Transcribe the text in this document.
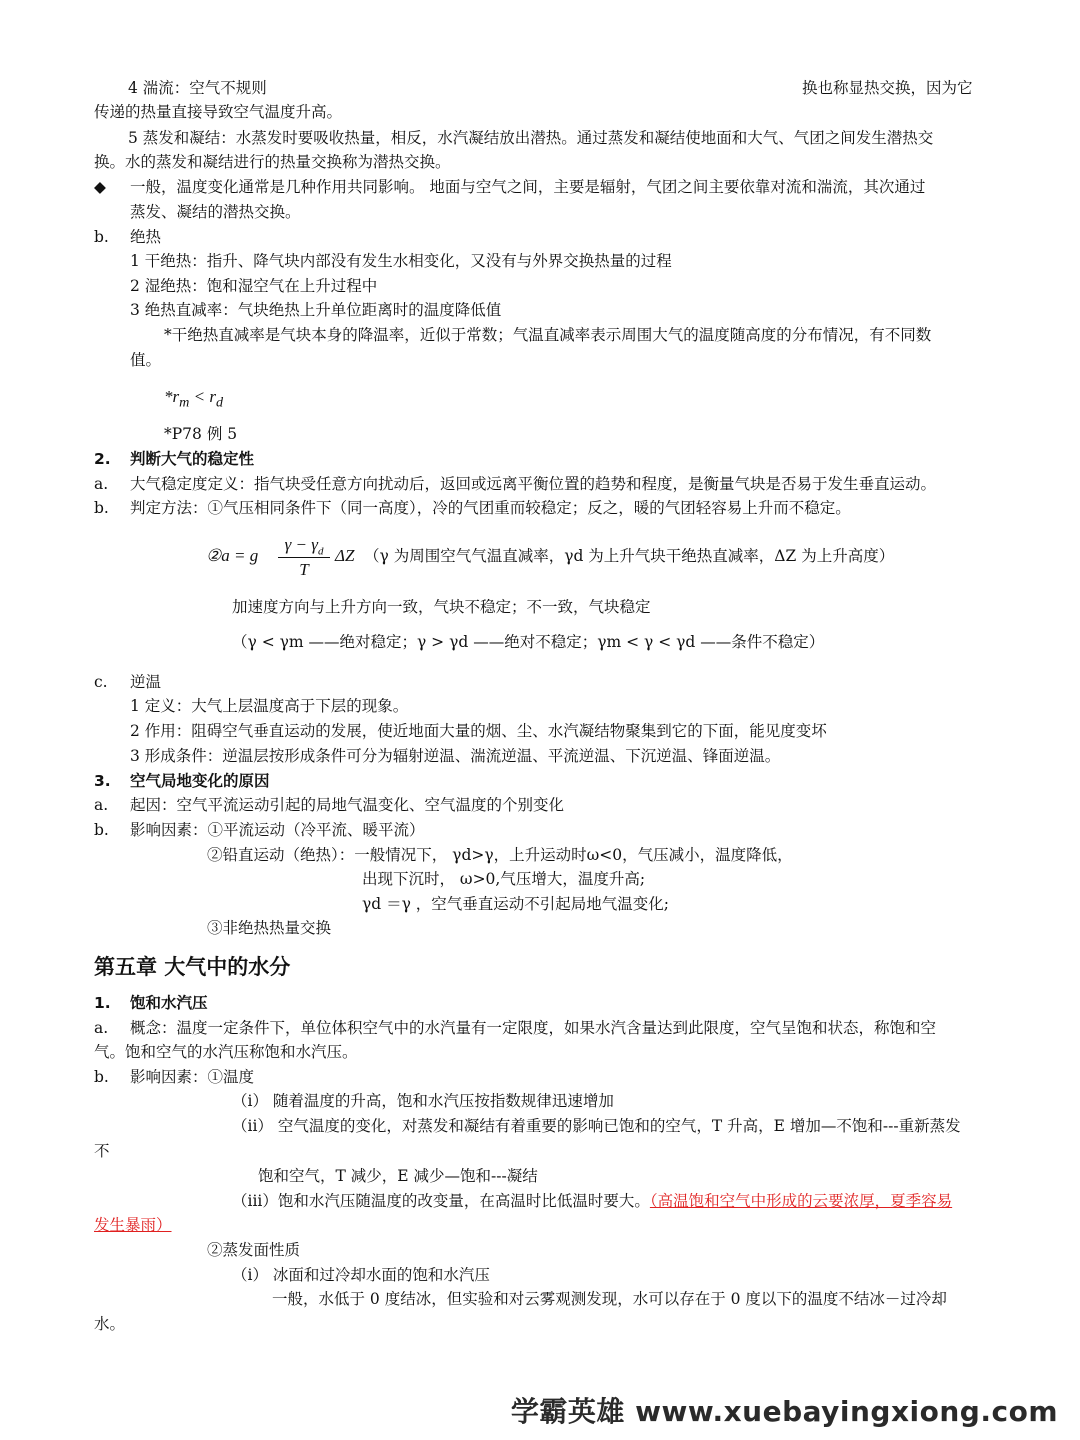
4 湍流：空气不规则	换也称显热交换，因为它
传递的热量直接导致空气温度升高。
5 蒸发和凝结：水蒸发时要吸收热量，相反，水汽凝结放出潜热。通过蒸发和凝结使地面和大气、气团之间发生潜热交
换。水的蒸发和凝结进行的热量交换称为潜热交换。
◆ 一般，温度变化通常是几种作用共同影响。 地面与空气之间，主要是辐射，气团之间主要依靠对流和湍流，其次通过
蒸发、凝结的潜热交换。
b. 绝热
1 干绝热：指升、降气块内部没有发生水相变化，又没有与外界交换热量的过程
2 湿绝热：饱和湿空气在上升过程中
3 绝热直减率：气块绝热上升单位距离时的温度降低值
*干绝热直减率是气块本身的降温率，近似于常数；气温直减率表示周围大气的温度随高度的分布情况，有不同数
值。
$*r_m < r_d$
*P78 例 5
2. 判断大气的稳定性
a. 大气稳定度定义：指气块受任意方向扰动后，返回或远离平衡位置的趋势和程度，是衡量气块是否易于发生垂直运动。
b. 判定方法：①气压相同条件下（同一高度），冷的气团重而较稳定；反之，暖的气团轻容易上升而不稳定。
②a = g
$\gamma - \gamma_d$
T
ΔZ （γ 为周围空气气温直减率，γd 为上升气块干绝热直减率，ΔZ 为上升高度）
加速度方向与上升方向一致，气块不稳定；不一致，气块稳定
（γ < γm ——绝对稳定；γ > γd ——绝对不稳定；γm < γ < γd ——条件不稳定）
c. 逆温
1 定义：大气上层温度高于下层的现象。
2 作用：阻碍空气垂直运动的发展，使近地面大量的烟、尘、水汽凝结物聚集到它的下面，能见度变坏
3 形成条件：逆温层按形成条件可分为辐射逆温、湍流逆温、平流逆温、下沉逆温、锋面逆温。
3. 空气局地变化的原因
a. 起因：空气平流运动引起的局地气温变化、空气温度的个别变化
b. 影响因素：①平流运动（冷平流、暖平流）
②铅直运动（绝热）：一般情况下， γd>γ，上升运动时ω<0，气压减小，温度降低，
出现下沉时， ω>0,气压增大，温度升高;
γd ＝γ ，空气垂直运动不引起局地气温变化;
③非绝热热量交换
第五章 大气中的水分
1. 饱和水汽压
a. 概念：温度一定条件下，单位体积空气中的水汽量有一定限度，如果水汽含量达到此限度，空气呈饱和状态，称饱和空
气。饱和空气的水汽压称饱和水汽压。
b. 影响因素：①温度
（i） 随着温度的升高，饱和水汽压按指数规律迅速增加
（ii） 空气温度的变化，对蒸发和凝结有着重要的影响已饱和的空气，T 升高，E 增加—不饱和---重新蒸发
不
饱和空气，T 减少，E 减少—饱和---凝结
（iii）饱和水汽压随温度的改变量，在高温时比低温时要大。（高温饱和空气中形成的云要浓厚，夏季容易
发生暴雨）
②蒸发面性质
（i） 冰面和过冷却水面的饱和水汽压
一般，水低于 0 度结冰，但实验和对云雾观测发现，水可以存在于 0 度以下的温度不结冰－过冷却
水。
学霸英雄 www.xuebayingxiong.com
